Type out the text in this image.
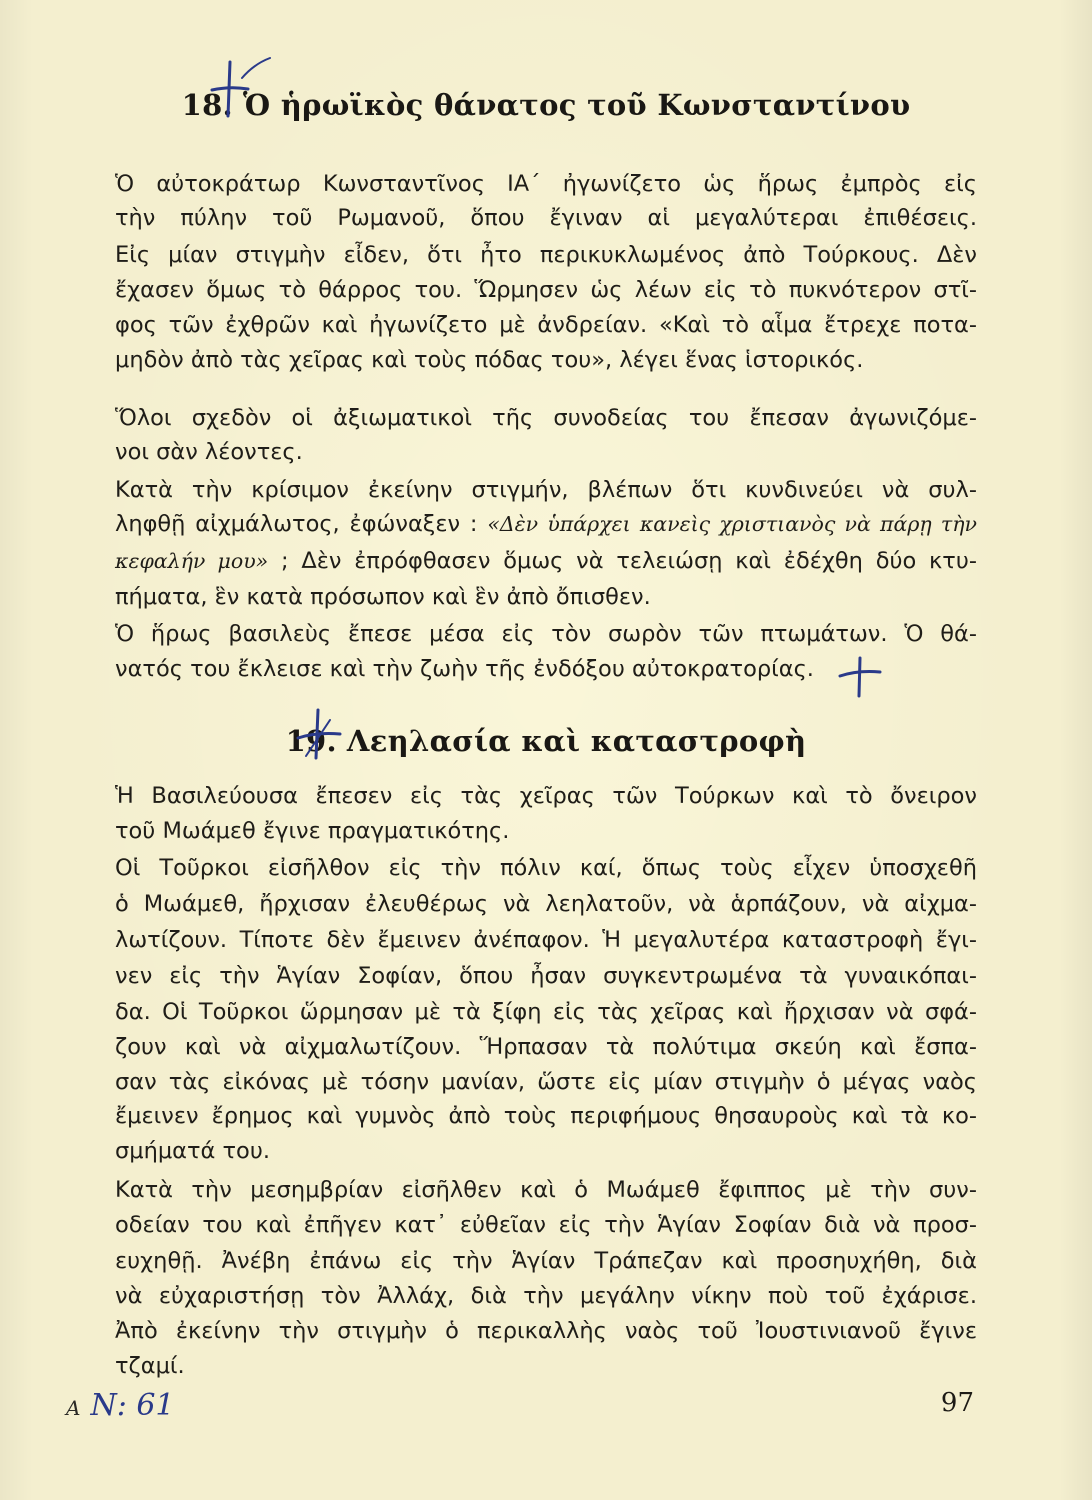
18. Ὁ ἡρωϊκὸς θάνατος τοῦ Κωνσταντίνου
Ὁ αὐτοκράτωρ Κωνσταντῖνος ΙΑ΄ ἠγωνίζετο ὡς ἥρως ἐμπρὸς εἰς
τὴν πύλην τοῦ Ρωμανοῦ, ὅπου ἔγιναν αἱ μεγαλύτεραι ἐπιθέσεις.
Εἰς μίαν στιγμὴν εἶδεν, ὅτι ἦτο περικυκλωμένος ἀπὸ Τούρκους. Δὲν
ἔχασεν ὅμως τὸ θάρρος του. Ὥρμησεν ὡς λέων εἰς τὸ πυκνότερον στῖ-
φος τῶν ἐχθρῶν καὶ ἠγωνίζετο μὲ ἀνδρείαν. «Καὶ τὸ αἷμα ἔτρεχε ποτα-
μηδὸν ἀπὸ τὰς χεῖρας καὶ τοὺς πόδας του», λέγει ἕνας ἱστορικός.
Ὅλοι σχεδὸν οἱ ἀξιωματικοὶ τῆς συνοδείας του ἔπεσαν ἀγωνιζόμε-
νοι σὰν λέοντες.
Κατὰ τὴν κρίσιμον ἐκείνην στιγμήν, βλέπων ὅτι κυνδινεύει νὰ συλ-
ληφθῇ αἰχμάλωτος, ἐφώναξεν : «Δὲν ὑπάρχει κανεὶς χριστιανὸς νὰ πάρῃ τὴν
κεφαλήν μου» ; Δὲν ἐπρόφθασεν ὅμως νὰ τελειώσῃ καὶ ἐδέχθη δύο κτυ-
πήματα, ἓν κατὰ πρόσωπον καὶ ἓν ἀπὸ ὄπισθεν.
Ὁ ἥρως βασιλεὺς ἔπεσε μέσα εἰς τὸν σωρὸν τῶν πτωμάτων. Ὁ θά-
νατός του ἔκλεισε καὶ τὴν ζωὴν τῆς ἐνδόξου αὐτοκρατορίας.
19. Λεηλασία καὶ καταστροφὴ
Ἡ Βασιλεύουσα ἔπεσεν εἰς τὰς χεῖρας τῶν Τούρκων καὶ τὸ ὄνειρον
τοῦ Μωάμεθ ἔγινε πραγματικότης.
Οἱ Τοῦρκοι εἰσῆλθον εἰς τὴν πόλιν καί, ὅπως τοὺς εἶχεν ὑποσχεθῆ
ὁ Μωάμεθ, ἤρχισαν ἐλευθέρως νὰ λεηλατοῦν, νὰ ἁρπάζουν, νὰ αἰχμα-
λωτίζουν. Τίποτε δὲν ἔμεινεν ἀνέπαφον. Ἡ μεγαλυτέρα καταστροφὴ ἔγι-
νεν εἰς τὴν Ἁγίαν Σοφίαν, ὅπου ἦσαν συγκεντρωμένα τὰ γυναικόπαι-
δα. Οἱ Τοῦρκοι ὥρμησαν μὲ τὰ ξίφη εἰς τὰς χεῖρας καὶ ἤρχισαν νὰ σφά-
ζουν καὶ νὰ αἰχμαλωτίζουν. Ἥρπασαν τὰ πολύτιμα σκεύη καὶ ἔσπα-
σαν τὰς εἰκόνας μὲ τόσην μανίαν, ὥστε εἰς μίαν στιγμὴν ὁ μέγας ναὸς
ἔμεινεν ἔρημος καὶ γυμνὸς ἀπὸ τοὺς περιφήμους θησαυροὺς καὶ τὰ κο-
σμήματά του.
Κατὰ τὴν μεσημβρίαν εἰσῆλθεν καὶ ὁ Μωάμεθ ἔφιππος μὲ τὴν συν-
οδείαν του καὶ ἐπῆγεν κατ᾽ εὐθεῖαν εἰς τὴν Ἁγίαν Σοφίαν διὰ νὰ προσ-
ευχηθῇ. Ἀνέβη ἐπάνω εἰς τὴν Ἁγίαν Τράπεζαν καὶ προσηυχήθη, διὰ
νὰ εὐχαριστήσῃ τὸν Ἀλλάχ, διὰ τὴν μεγάλην νίκην ποὺ τοῦ ἐχάρισε.
Ἀπὸ ἐκείνην τὴν στιγμὴν ὁ περικαλλὴς ναὸς τοῦ Ἰουστινιανοῦ ἔγινε
τζαμί.
Α Ν: 61	97
